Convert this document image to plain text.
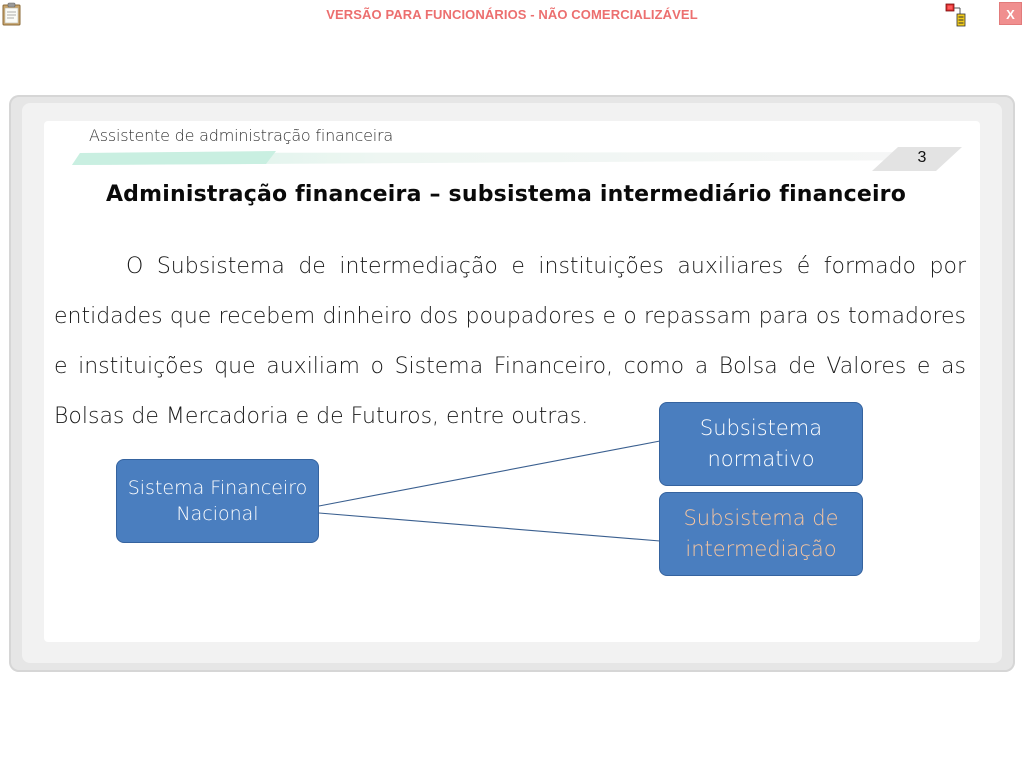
VERSÃO PARA FUNCIONÁRIOS - NÃO COMERCIALIZÁVEL	X
Assistente de administração financeira
3
Administração financeira – subsistema intermediário financeiro
O Subsistema de intermediação e instituições auxiliares é formado por entidades que recebem dinheiro dos poupadores e o repassam para os tomadores e instituições que auxiliam o Sistema Financeiro, como a Bolsa de Valores e as Bolsas de Mercadoria e de Futuros, entre outras.
Sistema Financeiro Nacional
Subsistema normativo
Subsistema de intermediação
